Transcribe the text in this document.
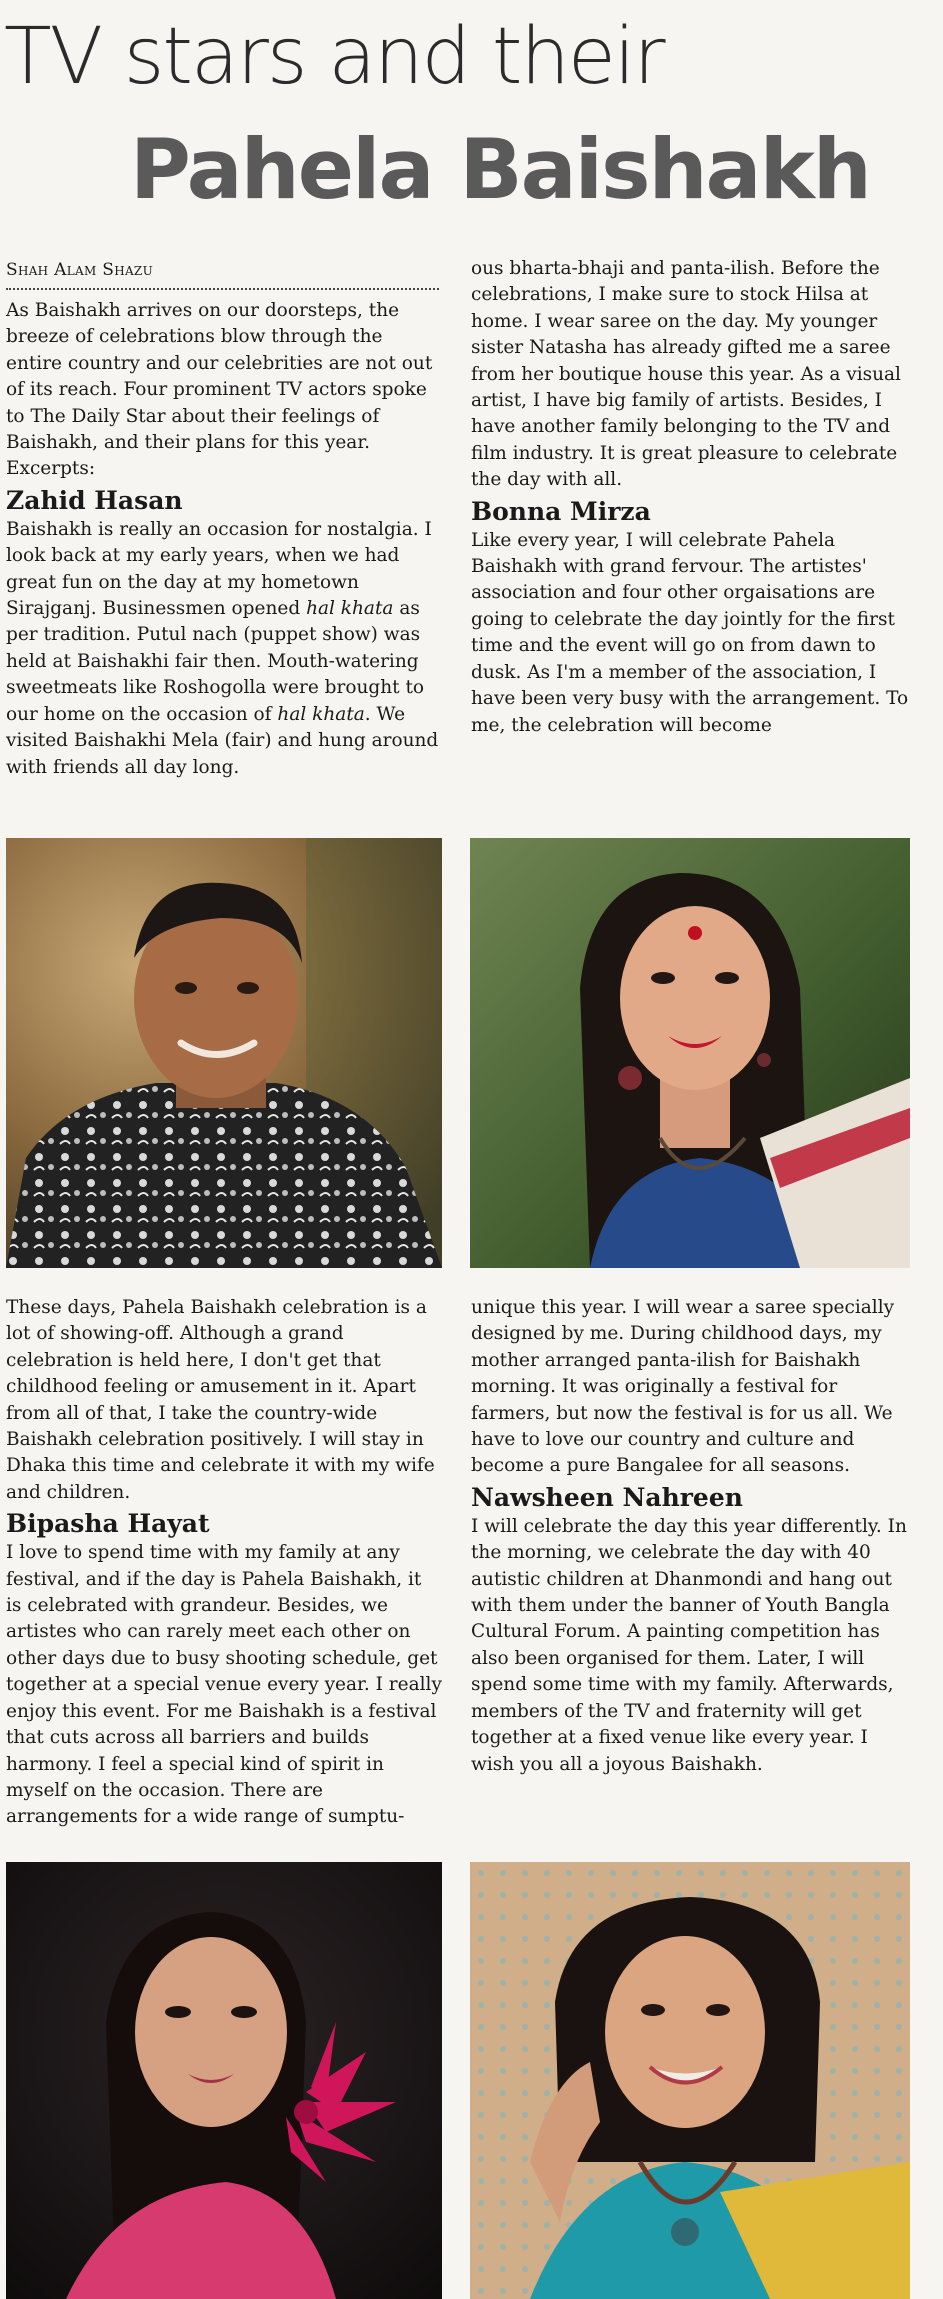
TV stars and their
Pahela Baishakh
Shah Alam Shazu

As Baishakh arrives on our doorsteps, the breeze of celebrations blow through the entire country and our celebrities are not out of its reach. Four prominent TV actors spoke to The Daily Star about their feelings of Baishakh, and their plans for this year. Excerpts:

Zahid Hasan

Baishakh is really an occasion for nostalgia. I look back at my early years, when we had great fun on the day at my hometown Sirajganj. Businessmen opened hal khata as per tradition. Putul nach (puppet show) was held at Baishakhi fair then. Mouth-watering sweetmeats like Roshogolla were brought to our home on the occasion of hal khata. We visited Baishakhi Mela (fair) and hung around with friends all day long.

ous bharta-bhaji and panta-ilish. Before the celebrations, I make sure to stock Hilsa at home. I wear saree on the day. My younger sister Natasha has already gifted me a saree from her boutique house this year. As a visual artist, I have big family of artists. Besides, I have another family belonging to the TV and film industry. It is great pleasure to celebrate the day with all.

Bonna Mirza

Like every year, I will celebrate Pahela Baishakh with grand fervour. The artistes' association and four other orgaisations are going to celebrate the day jointly for the first time and the event will go on from dawn to dusk. As I'm a member of the association, I have been very busy with the arrangement. To me, the celebration will become

These days, Pahela Baishakh celebration is a lot of showing-off. Although a grand celebration is held here, I don't get that childhood feeling or amusement in it. Apart from all of that, I take the country-wide Baishakh celebration positively. I will stay in Dhaka this time and celebrate it with my wife and children.

Bipasha Hayat

I love to spend time with my family at any festival, and if the day is Pahela Baishakh, it is celebrated with grandeur. Besides, we artistes who can rarely meet each other on other days due to busy shooting schedule, get together at a special venue every year. I really enjoy this event. For me Baishakh is a festival that cuts across all barriers and builds harmony. I feel a special kind of spirit in myself on the occasion. There are arrangements for a wide range of sumptu-

unique this year. I will wear a saree specially designed by me. During childhood days, my mother arranged panta-ilish for Baishakh morning. It was originally a festival for farmers, but now the festival is for us all. We have to love our country and culture and become a pure Bangalee for all seasons.

Nawsheen Nahreen

I will celebrate the day this year differently. In the morning, we celebrate the day with 40 autistic children at Dhanmondi and hang out with them under the banner of Youth Bangla Cultural Forum. A painting competition has also been organised for them. Later, I will spend some time with my family. Afterwards, members of the TV and fraternity will get together at a fixed venue like every year. I wish you all a joyous Baishakh.
